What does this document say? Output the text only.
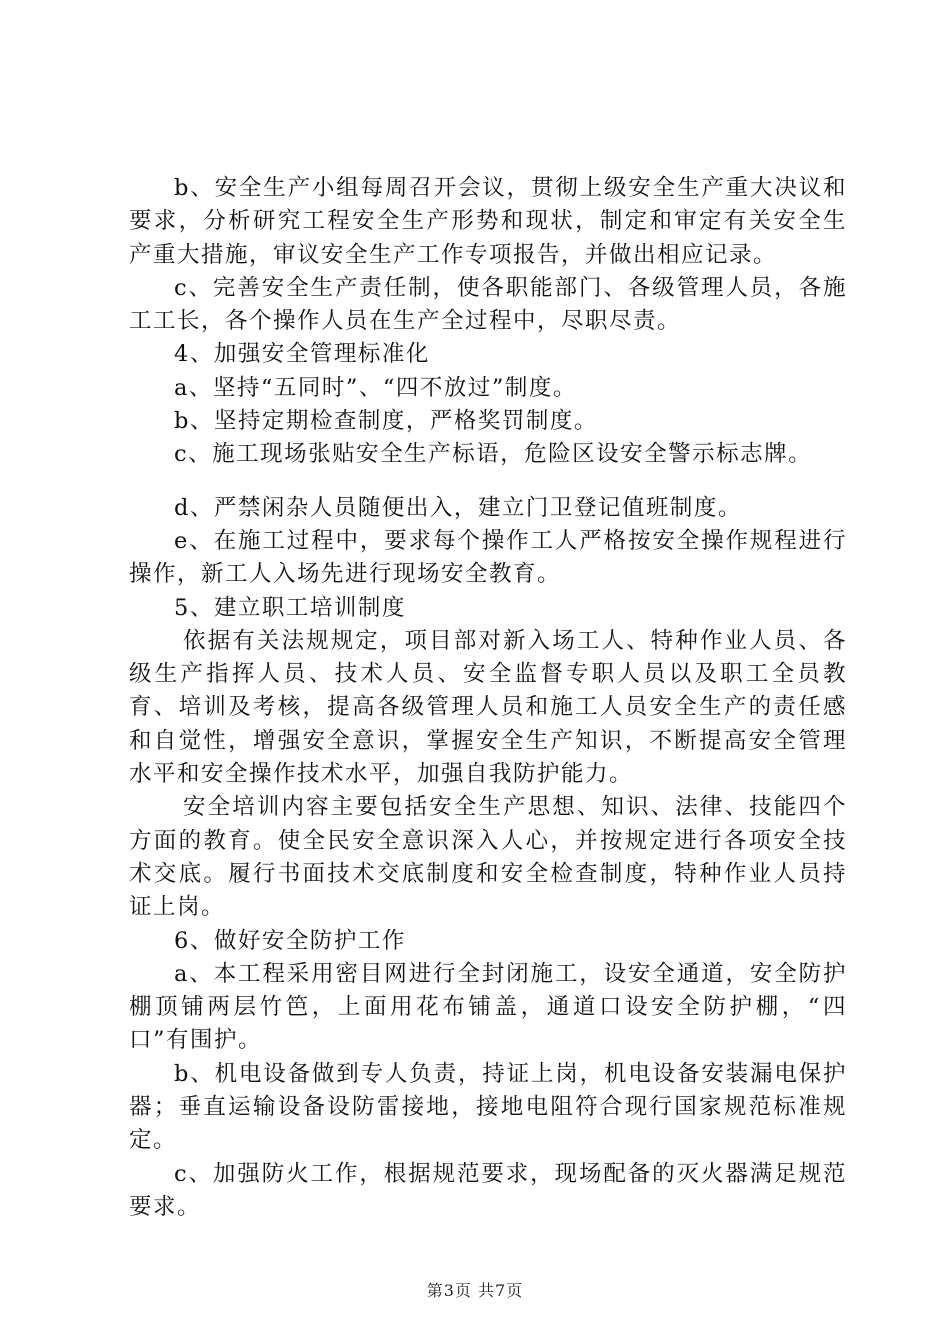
b、安全生产小组每周召开会议，贯彻上级安全生产重大决议和要求，分析研究工程安全生产形势和现状，制定和审定有关安全生产重大措施，审议安全生产工作专项报告，并做出相应记录。

c、完善安全生产责任制，使各职能部门、各级管理人员，各施工工长，各个操作人员在生产全过程中，尽职尽责。

4、加强安全管理标准化

a、坚持“五同时”、“四不放过”制度。

b、坚持定期检查制度，严格奖罚制度。

c、施工现场张贴安全生产标语，危险区设安全警示标志牌。

d、严禁闲杂人员随便出入，建立门卫登记值班制度。

e、在施工过程中，要求每个操作工人严格按安全操作规程进行操作，新工人入场先进行现场安全教育。

5、建立职工培训制度

依据有关法规规定，项目部对新入场工人、特种作业人员、各级生产指挥人员、技术人员、安全监督专职人员以及职工全员教育、培训及考核，提高各级管理人员和施工人员安全生产的责任感和自觉性，增强安全意识，掌握安全生产知识，不断提高安全管理水平和安全操作技术水平，加强自我防护能力。

安全培训内容主要包括安全生产思想、知识、法律、技能四个方面的教育。使全民安全意识深入人心，并按规定进行各项安全技术交底。履行书面技术交底制度和安全检查制度，特种作业人员持证上岗。

6、做好安全防护工作

a、本工程采用密目网进行全封闭施工，设安全通道，安全防护棚顶铺两层竹笆，上面用花布铺盖，通道口设安全防护棚，“四口”有围护。

b、机电设备做到专人负责，持证上岗，机电设备安装漏电保护器；垂直运输设备设防雷接地，接地电阻符合现行国家规范标准规定。

c、加强防火工作，根据规范要求，现场配备的灭火器满足规范要求。

第3页 共7页
